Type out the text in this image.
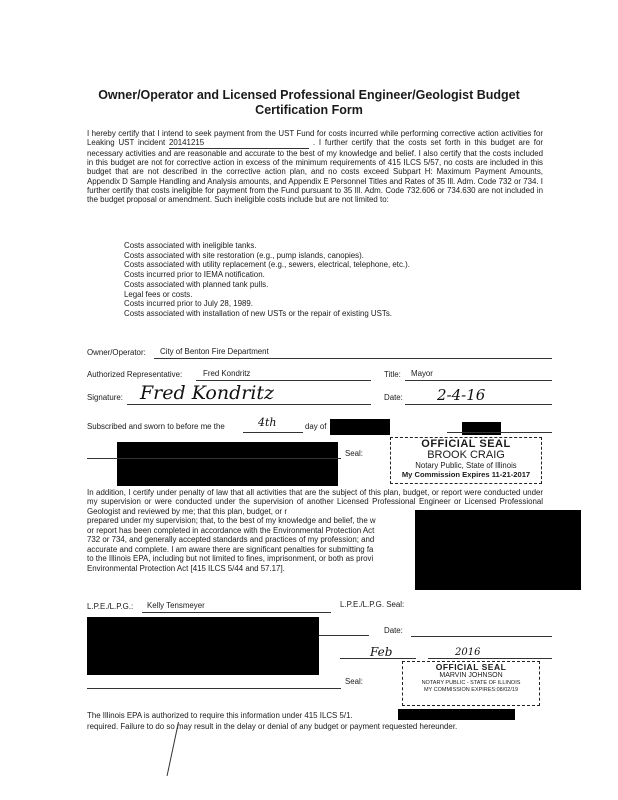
Owner/Operator and Licensed Professional Engineer/Geologist Budget
Certification Form
I hereby certify that I intend to seek payment from the UST Fund for costs incurred while performing corrective action activities for Leaking UST incident 20141215	. I further certify that the costs set forth in this budget are for necessary activities and are reasonable and accurate to the best of my knowledge and belief. I also certify that the costs included in this budget are not for corrective action in excess of the minimum requirements of 415 ILCS 5/57, no costs are included in this budget that are not described in the corrective action plan, and no costs exceed Subpart H: Maximum Payment Amounts, Appendix D Sample Handling and Analysis amounts, and Appendix E Personnel Titles and Rates of 35 Ill. Adm. Code 732 or 734. I further certify that costs ineligible for payment from the Fund pursuant to 35 Ill. Adm. Code 732.606 or 734.630 are not included in the budget proposal or amendment. Such ineligible costs include but are not limited to:
Costs associated with ineligible tanks.
Costs associated with site restoration (e.g., pump islands, canopies).
Costs associated with utility replacement (e.g., sewers, electrical, telephone, etc.).
Costs incurred prior to IEMA notification.
Costs associated with planned tank pulls.
Legal fees or costs.
Costs incurred prior to July 28, 1989.
Costs associated with installation of new USTs or the repair of existing USTs.
Owner/Operator: City of Benton Fire Department
Authorized Representative:	Fred Kondritz	Title: Mayor
Signature: Fred Kondritz	Date: 2-4-16
Subscribed and sworn to before me the	4th	day of
Seal:
OFFICIAL SEAL
BROOK CRAIG
Notary Public, State of Illinois
My Commission Expires 11-21-2017
In addition, I certify under penalty of law that all activities that are the subject of this plan, budget, or report were conducted under my supervision or were conducted under the supervision of another Licensed Professional Engineer or Licensed Professional Geologist and reviewed by me; that this plan, budget, or r
prepared under my supervision; that, to the best of my knowledge and belief, the w
or report has been completed in accordance with the Environmental Protection Act
732 or 734, and generally accepted standards and practices of my profession; and
accurate and complete. I am aware there are significant penalties for submitting fa
to the Illinois EPA, including but not limited to fines, imprisonment, or both as provi
Environmental Protection Act [415 ILCS 5/44 and 57.17].
L.P.E./L.P.G.: Kelly Tensmeyer	L.P.E./L.P.G. Seal:
Date:
Feb	2016
Seal:
OFFICIAL SEAL
MARVIN JOHNSON
NOTARY PUBLIC - STATE OF ILLINOIS
MY COMMISSION EXPIRES:08/02/19
The Illinois EPA is authorized to require this information under 415 ILCS 5/1.
required. Failure to do so may result in the delay or denial of any budget or payment requested hereunder.
